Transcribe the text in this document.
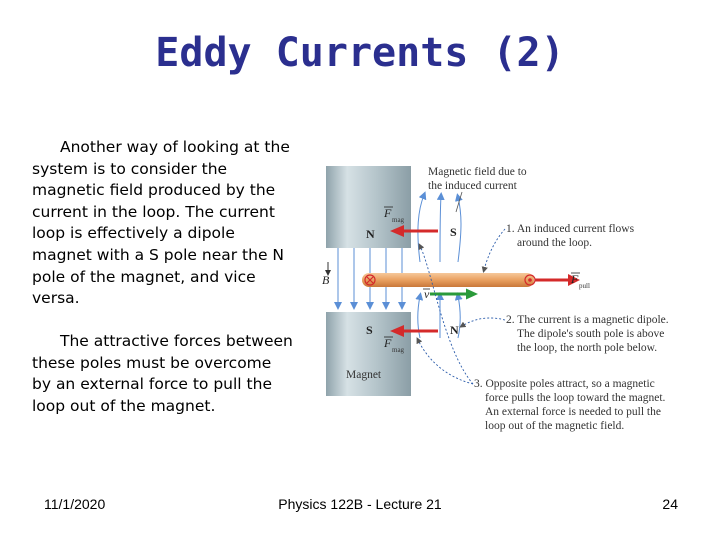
Eddy Currents (2)

Another way of looking at the system is to consider the magnetic field produced by the current in the loop. The current loop is effectively a dipole magnet with a S pole near the N pole of the magnet, and vice versa.

The attractive forces between these poles must be overcome by an external force to pull the loop out of the magnet.

N	S
S	N
Magnet
F mag
F mag
F pull
B
v
Magnetic field due to
the induced current
1. An induced current flows
around the loop.
2. The current is a magnetic dipole.
The dipole's south pole is above
the loop, the north pole below.
3. Opposite poles attract, so a magnetic
force pulls the loop toward the magnet.
An external force is needed to pull the
loop out of the magnetic field.
11/1/2020	Physics 122B - Lecture 21	24
